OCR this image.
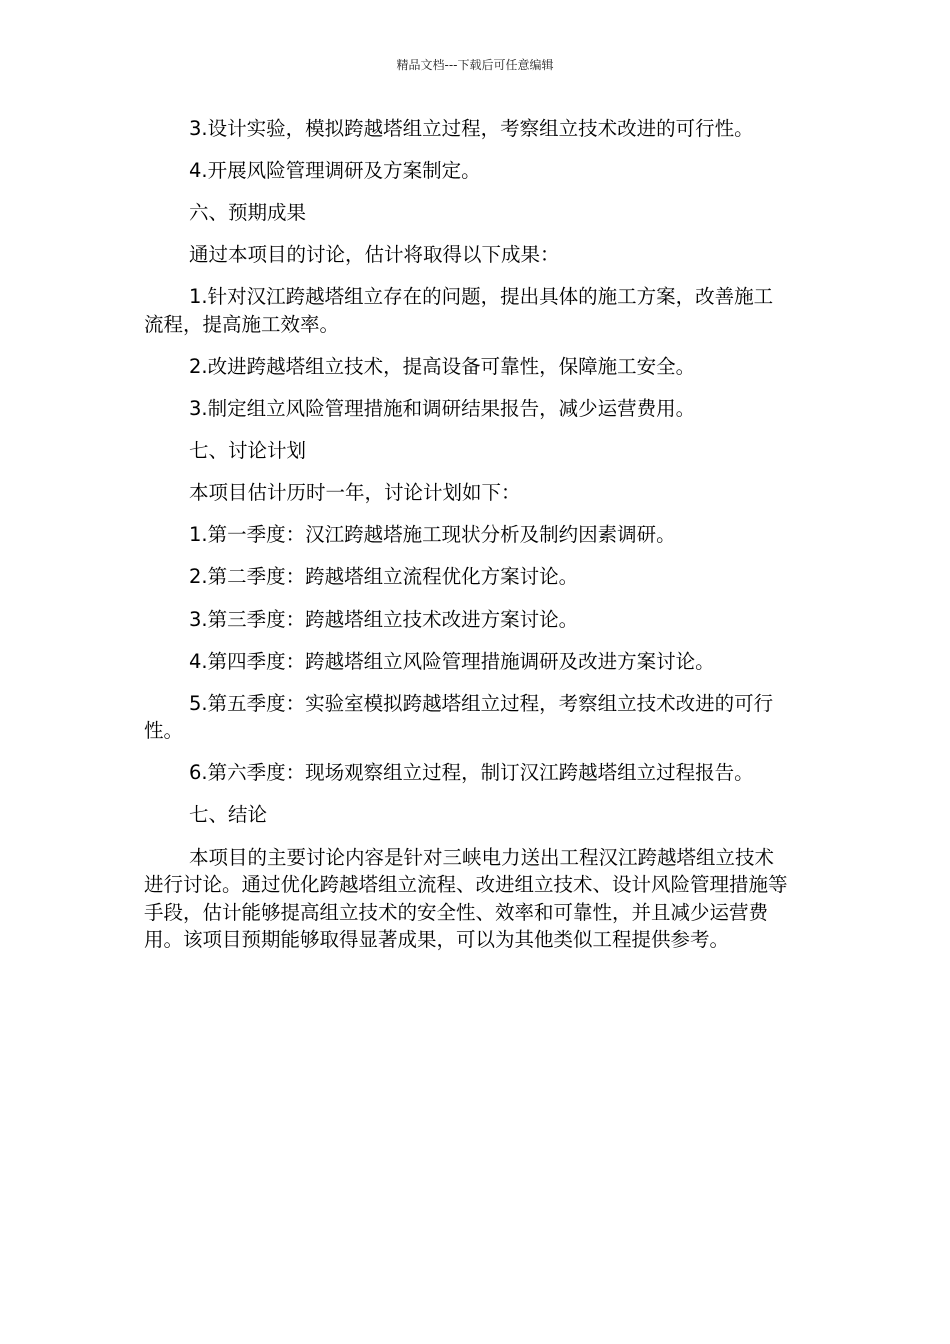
精品文档---下载后可任意编辑

3.设计实验，模拟跨越塔组立过程，考察组立技术改进的可行性。

4.开展风险管理调研及方案制定。

六、预期成果

通过本项目的讨论，估计将取得以下成果：

1.针对汉江跨越塔组立存在的问题，提出具体的施工方案，改善施工流程，提高施工效率。

2.改进跨越塔组立技术，提高设备可靠性，保障施工安全。

3.制定组立风险管理措施和调研结果报告，减少运营费用。

七、讨论计划

本项目估计历时一年，讨论计划如下：

1.第一季度：汉江跨越塔施工现状分析及制约因素调研。

2.第二季度：跨越塔组立流程优化方案讨论。

3.第三季度：跨越塔组立技术改进方案讨论。

4.第四季度：跨越塔组立风险管理措施调研及改进方案讨论。

5.第五季度：实验室模拟跨越塔组立过程，考察组立技术改进的可行性。

6.第六季度：现场观察组立过程，制订汉江跨越塔组立过程报告。

七、结论

本项目的主要讨论内容是针对三峡电力送出工程汉江跨越塔组立技术进行讨论。通过优化跨越塔组立流程、改进组立技术、设计风险管理措施等手段，估计能够提高组立技术的安全性、效率和可靠性，并且减少运营费用。该项目预期能够取得显著成果，可以为其他类似工程提供参考。
